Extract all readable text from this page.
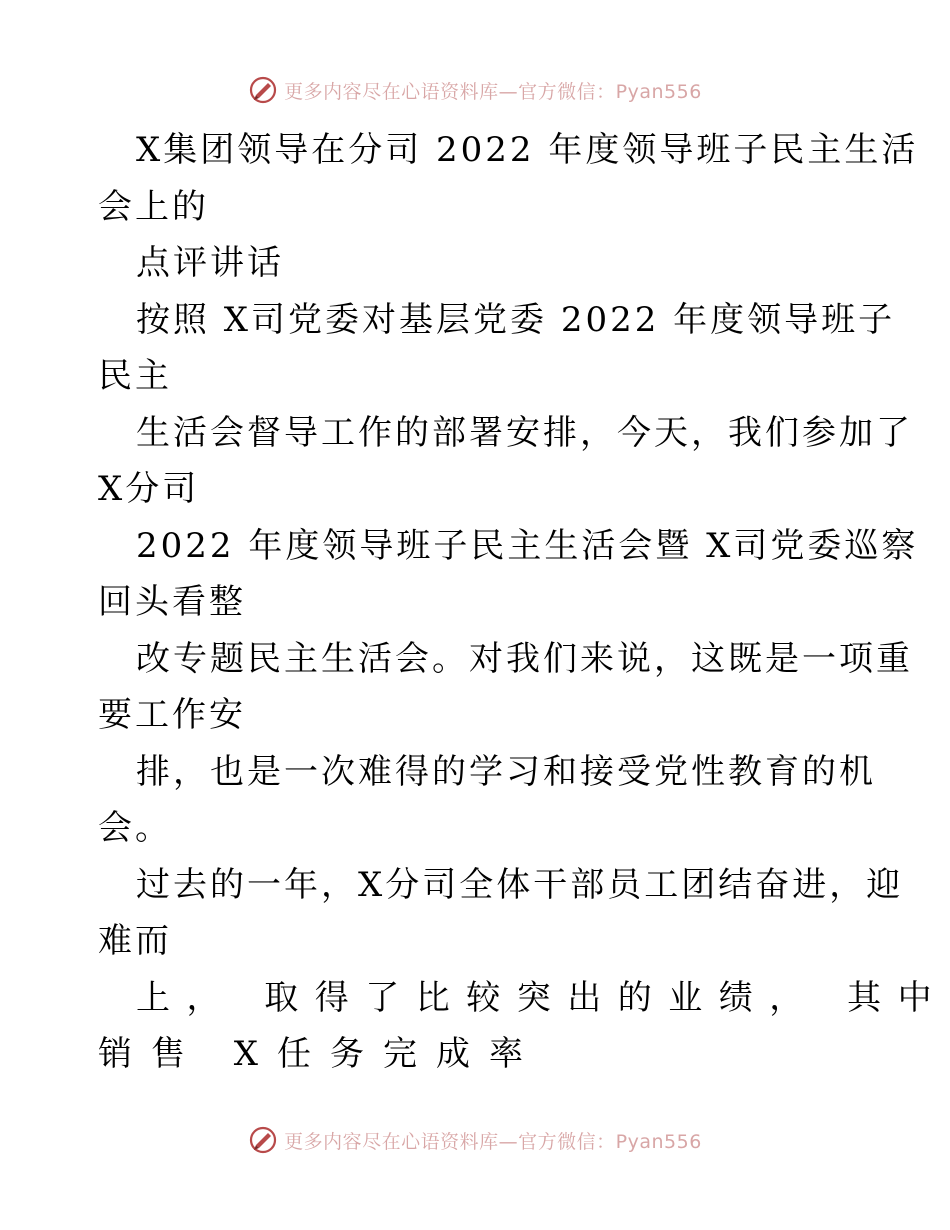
更多内容尽在心语资料库—官方微信：Pyan556
X集团领导在分司 2022 年度领导班子民主生活
会上的
点评讲话
按照 X司党委对基层党委 2022 年度领导班子
民主
生活会督导工作的部署安排，今天，我们参加了
X分司
2022 年度领导班子民主生活会暨 X司党委巡察
回头看整
改专题民主生活会。对我们来说，这既是一项重
要工作安
排，也是一次难得的学习和接受党性教育的机
会。
过去的一年，X分司全体干部员工团结奋进，迎
难而
上， 取得了比较突出的业绩， 其中
销售 X任务完成率
更多内容尽在心语资料库—官方微信：Pyan556
